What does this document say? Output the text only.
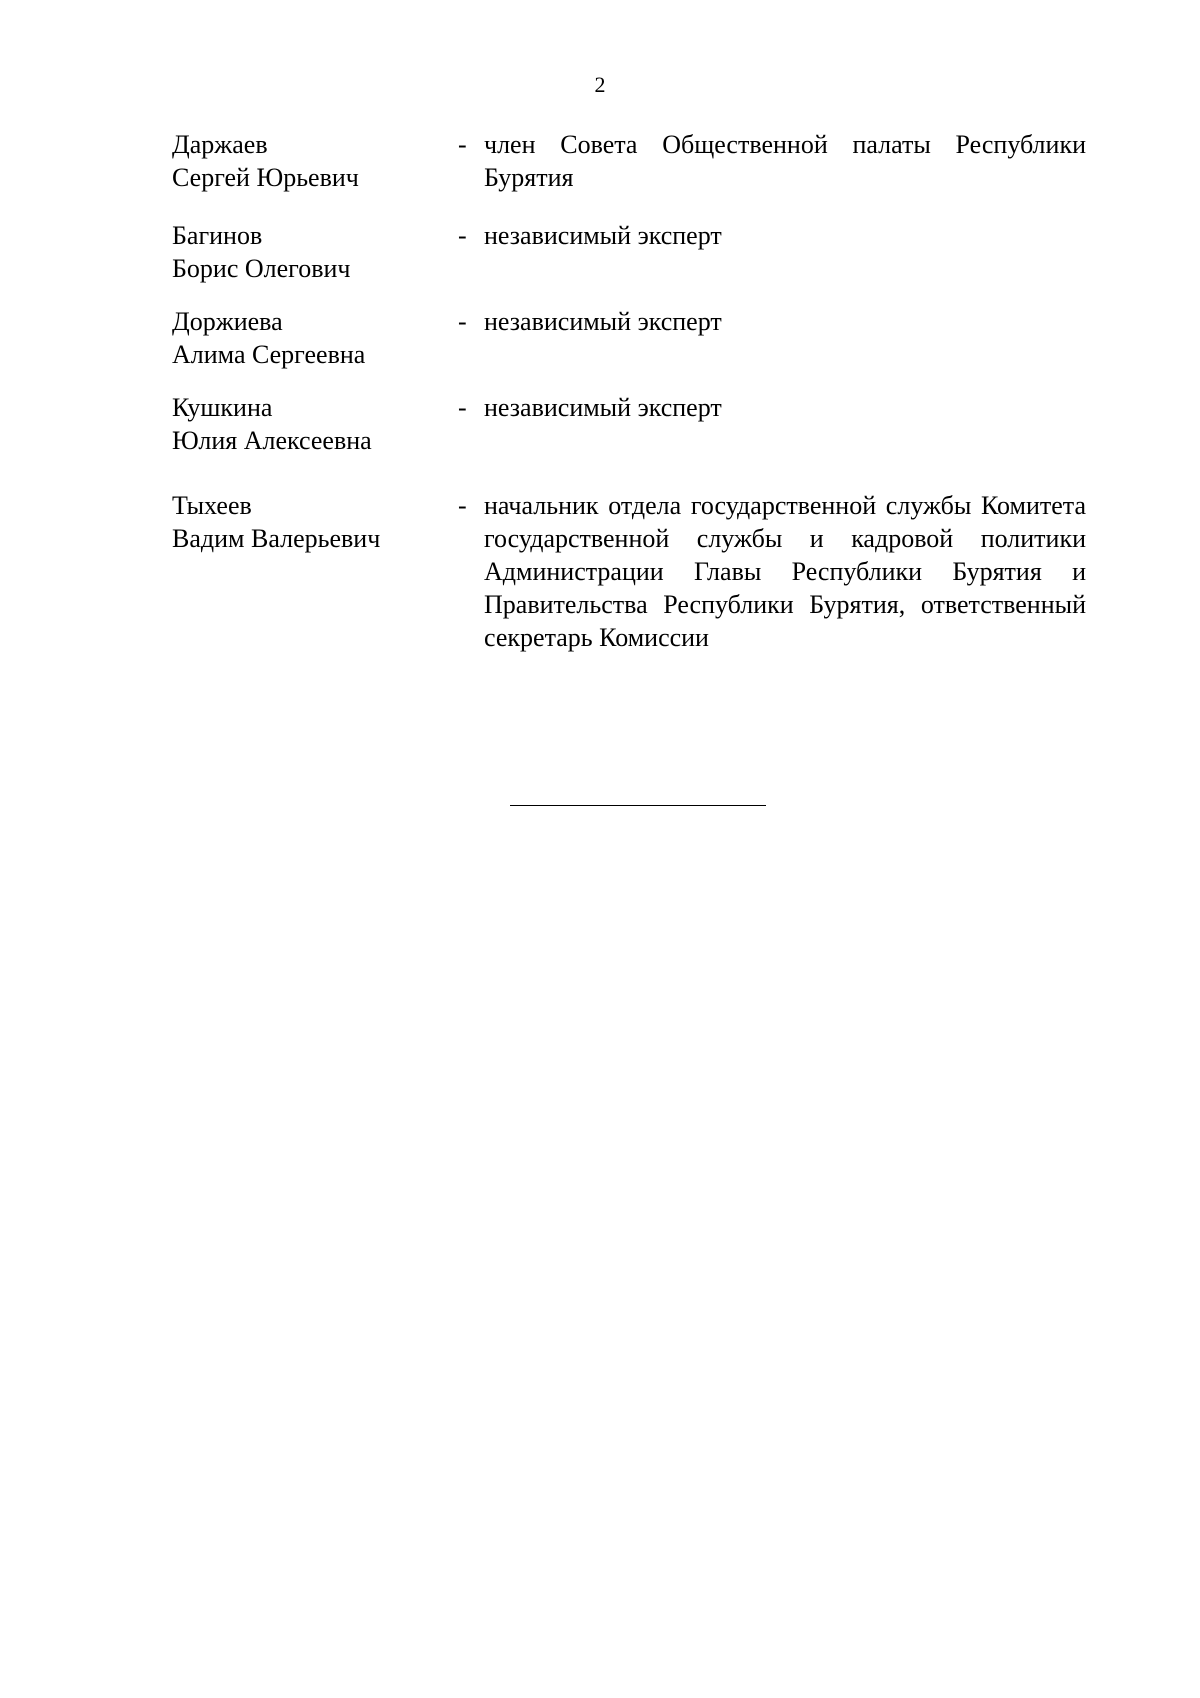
2
Даржаев
Сергей Юрьевич
- член Совета Общественной палаты Республики Бурятия
Багинов
Борис Олегович
- независимый эксперт
Доржиева
Алима Сергеевна
- независимый эксперт
Кушкина
Юлия Алексеевна
- независимый эксперт
Тыхеев
Вадим Валерьевич
- начальник отдела государственной службы Комитета государственной службы и кадровой политики Администрации Главы Республики Бурятия и Правительства Республики Бурятия, ответственный секретарь Комиссии
